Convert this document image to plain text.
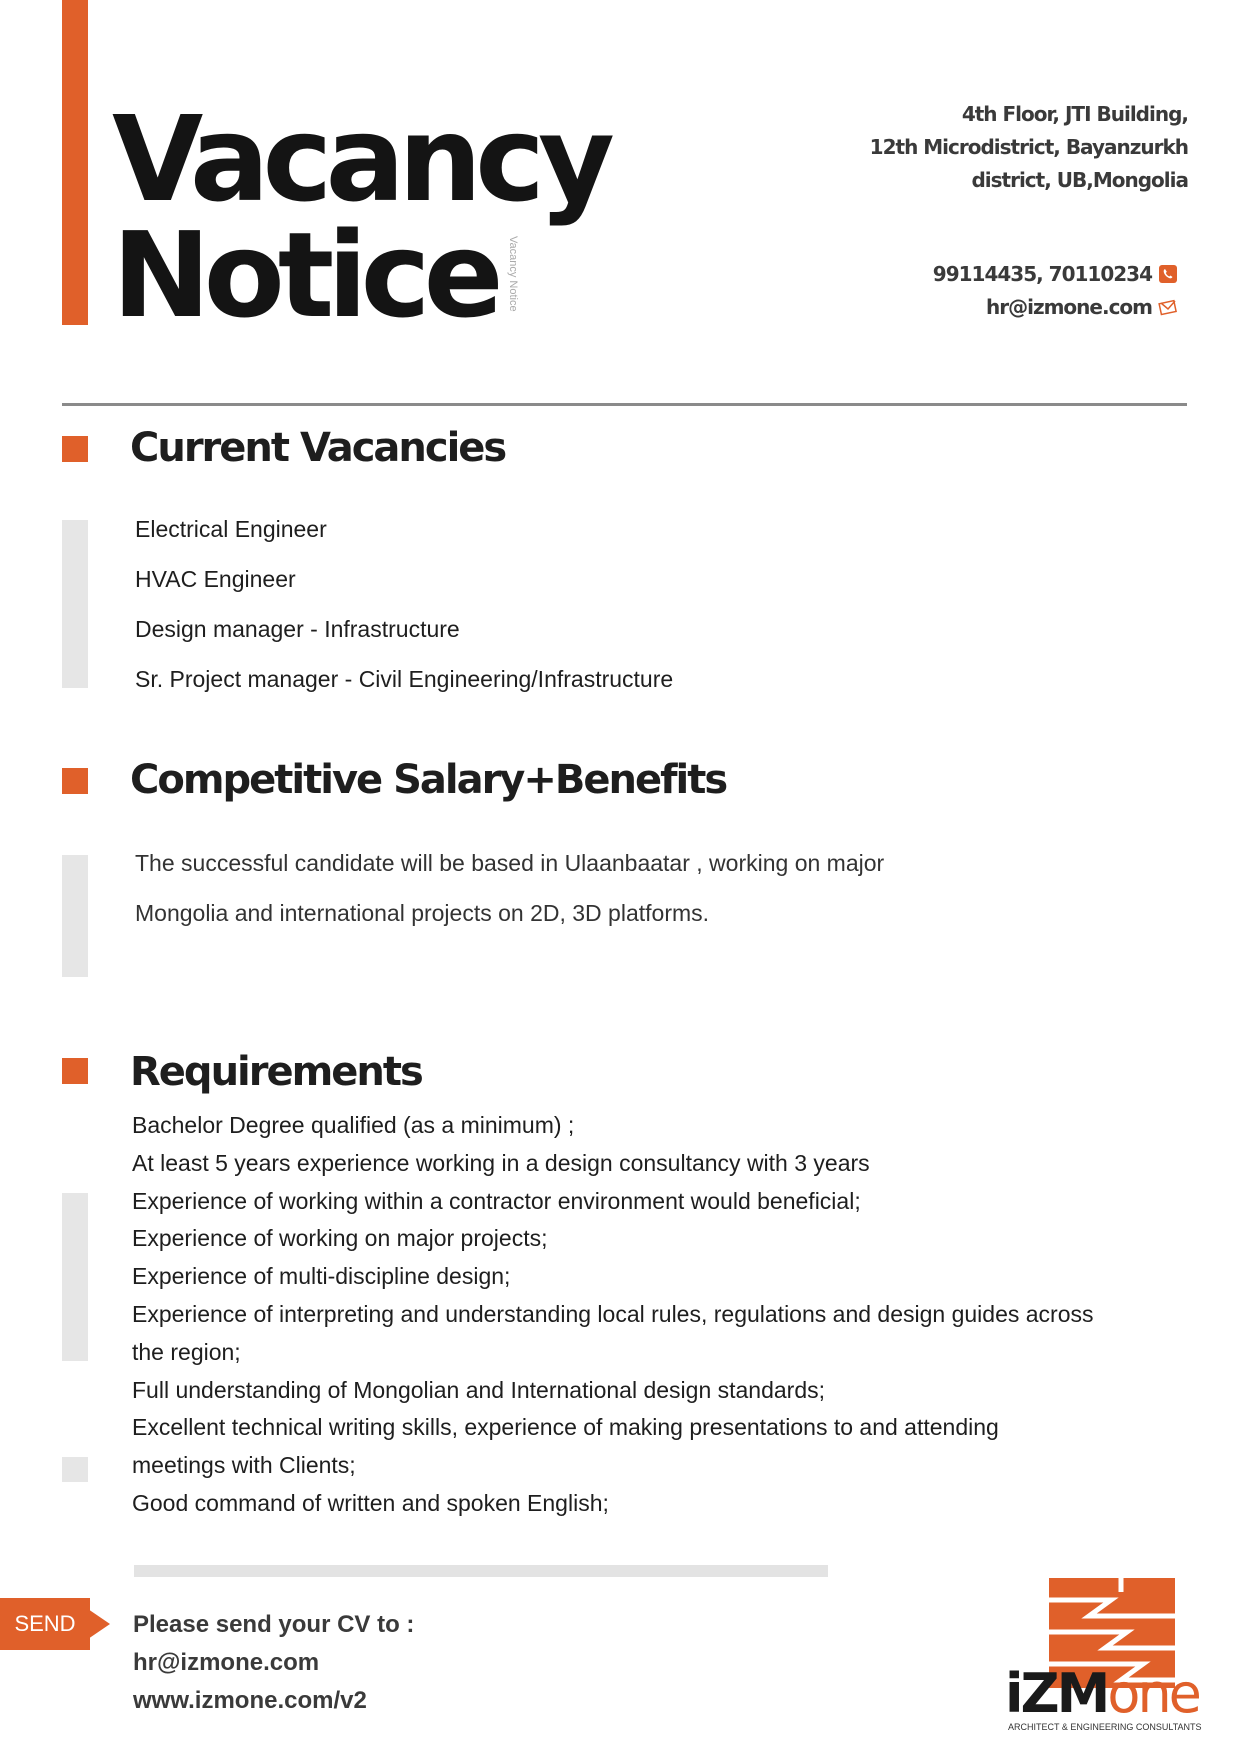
Vacancy
Notice Vacancy Notice
4th Floor, JTI Building,
12th Microdistrict, Bayanzurkh
district, UB,Mongolia
99114435, 70110234
hr@izmone.com
Current Vacancies
Electrical Engineer
HVAC Engineer
Design manager - Infrastructure
Sr. Project manager - Civil Engineering/Infrastructure
Competitive Salary+Benefits
The successful candidate will be based in Ulaanbaatar , working on major
Mongolia and international projects on 2D, 3D platforms.
Requirements
Bachelor Degree qualified (as a minimum) ;
At least 5 years experience working in a design consultancy with 3 years
Experience of working within a contractor environment would beneficial;
Experience of working on major projects;
Experience of multi-discipline design;
Experience of interpreting and understanding local rules, regulations and design guides across
the region;
Full understanding of Mongolian and International design standards;
Excellent technical writing skills, experience of making presentations to and attending
meetings with Clients;
Good command of written and spoken English;
SEND	Please send your CV to :
hr@izmone.com
www.izmone.com/v2	iZMone
ARCHITECT & ENGINEERING CONSULTANTS
